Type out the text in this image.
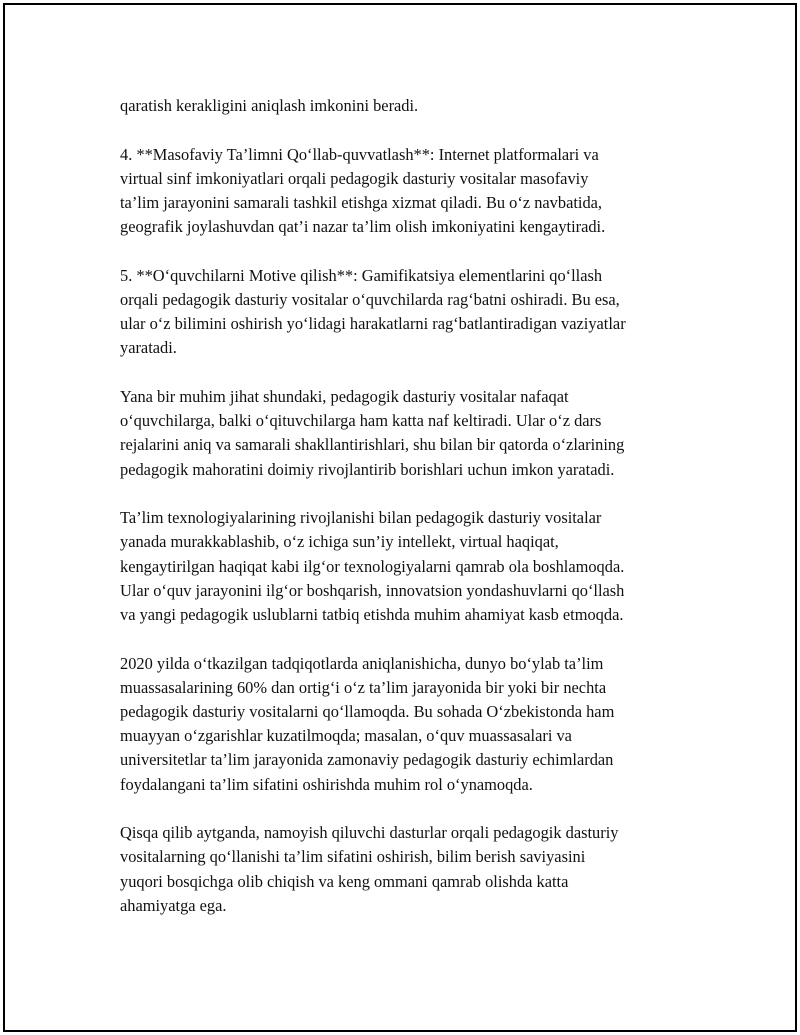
qaratish kerakligini aniqlash imkonini beradi.

4. **Masofaviy Ta’limni Qo‘llab-quvvatlash**: Internet platformalari va
virtual sinf imkoniyatlari orqali pedagogik dasturiy vositalar masofaviy
ta’lim jarayonini samarali tashkil etishga xizmat qiladi. Bu o‘z navbatida,
geografik joylashuvdan qat’i nazar ta’lim olish imkoniyatini kengaytiradi.

5. **O‘quvchilarni Motive qilish**: Gamifikatsiya elementlarini qo‘llash
orqali pedagogik dasturiy vositalar o‘quvchilarda rag‘batni oshiradi. Bu esa,
ular o‘z bilimini oshirish yo‘lidagi harakatlarni rag‘batlantiradigan vaziyatlar
yaratadi.

Yana bir muhim jihat shundaki, pedagogik dasturiy vositalar nafaqat
o‘quvchilarga, balki o‘qituvchilarga ham katta naf keltiradi. Ular o‘z dars
rejalarini aniq va samarali shakllantirishlari, shu bilan bir qatorda o‘zlarining
pedagogik mahoratini doimiy rivojlantirib borishlari uchun imkon yaratadi.

Ta’lim texnologiyalarining rivojlanishi bilan pedagogik dasturiy vositalar
yanada murakkablashib, o‘z ichiga sun’iy intellekt, virtual haqiqat,
kengaytirilgan haqiqat kabi ilg‘or texnologiyalarni qamrab ola boshlamoqda.
Ular o‘quv jarayonini ilg‘or boshqarish, innovatsion yondashuvlarni qo‘llash
va yangi pedagogik uslublarni tatbiq etishda muhim ahamiyat kasb etmoqda.

2020 yilda o‘tkazilgan tadqiqotlarda aniqlanishicha, dunyo bo‘ylab ta’lim
muassasalarining 60% dan ortig‘i o‘z ta’lim jarayonida bir yoki bir nechta
pedagogik dasturiy vositalarni qo‘llamoqda. Bu sohada O‘zbekistonda ham
muayyan o‘zgarishlar kuzatilmoqda; masalan, o‘quv muassasalari va
universitetlar ta’lim jarayonida zamonaviy pedagogik dasturiy echimlardan
foydalangani ta’lim sifatini oshirishda muhim rol o‘ynamoqda.

Qisqa qilib aytganda, namoyish qiluvchi dasturlar orqali pedagogik dasturiy
vositalarning qo‘llanishi ta’lim sifatini oshirish, bilim berish saviyasini
yuqori bosqichga olib chiqish va keng ommani qamrab olishda katta
ahamiyatga ega.
